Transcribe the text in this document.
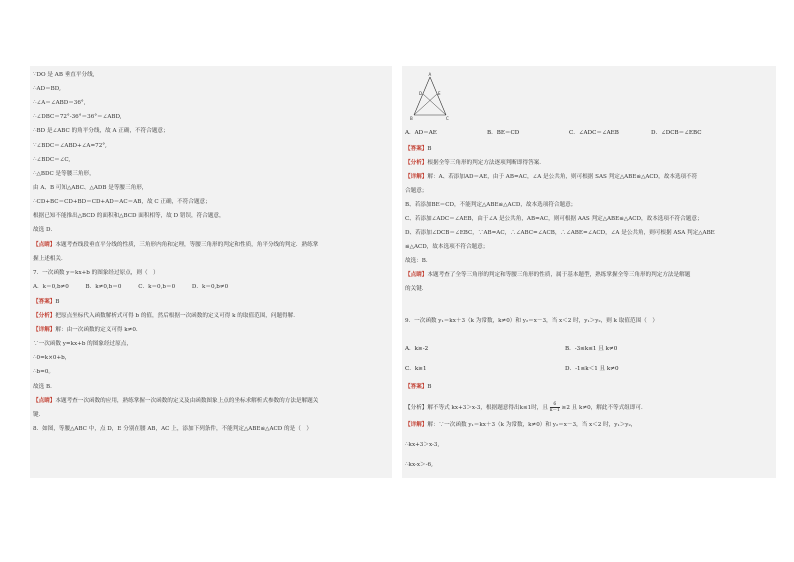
∵DO 是 AB 垂直平分线,
∴AD＝BD,
∴∠A＝∠ABD＝36°,
∴∠DBC＝72°-36°＝36°＝∠ABD,
∴BD 是∠ABC 的角平分线，故 A 正确，不符合题意；
∵∠BDC＝∠ABD+∠A=72°,
∴∠BDC＝∠C,
∴△BDC 是等腰三角形，
由 A、B 可知△ABC、△ADB 是等腰三角形，
∴CD+BC＝CD+BD＝CD+AD＝AC＝AB，故 C 正确，不符合题意；
根据已知不能推出△BCD 的面积和△BCD 面积相等，故 D 错误，符合题意，
故选 D．
【点睛】本题考查线段垂直平分线的性质，三角形内角和定理，等腰三角形的判定和性质，角平分线的判定．熟练掌
握上述相关．
7．一次函数 y＝kx+b 的图象经过原点，则（　）
A．k＝0,b≠0　　　B．k≠0,b＝0　　　C．k＝0,b＝0　　　D．k＝0,b≠0
【答案】B
【分析】把原点坐标代入函数解析式可得 b 的值，然后根据一次函数的定义可得 k 的取值范围，问题得解．
【详解】解：由一次函数的定义可得 k≠0.
∵一次函数 y=kx+b 的图象经过原点，
∴0=k×0+b，
∴b=0。
故选 B．
【点睛】本题考查一次函数的应用，熟练掌握一次函数的定义及由函数图象上点的坐标求解析式参数的方法是解题关
键．
8．如图，等腰△ABC 中，点 D，E 分别在腰 AB，AC 上，添加下列条件，不能判定△ABE≌△ACD 的是（　）
A
D	E
B	C
A．AD＝AE	B．BE＝CD	C．∠ADC＝∠AEB	D．∠DCB＝∠EBC
A．k≥-2	B．-3≤k≤1 且 k≠0
C．k≥1	D．-1≤k＜1 且 k≠0
【答案】B
【分析】解不等式 kx+3＞x-3，根据题意得出k≤1时，且 $\frac{6}{k-1} \ge 2$ 且 k≠0，解此不等式组即可．
【详解】解：∵一次函数 y₁＝kx＋3（k 为常数，k≠0）和 y₂＝x－3，当 x＜2 时，y₁＞y₂，
∴kx+3＞x-3,
∴kx-x＞-6,
【答案】B
【分析】根据全等三角形的判定方法逐项判断即得答案．
【详解】解：A、若添加AD＝AE，由于 AB=AC，∠A 是公共角，则可根据 SAS 判定△ABE≌△ACD，故本选项不符
合题意；
B、若添加BE＝CD，不能判定△ABE≌△ACD，故本选项符合题意；
C、若添加∠ADC＝∠AEB，由于∠A 是公共角，AB=AC，则可根据 AAS 判定△ABE≌△ACD，故本选项不符合题意；
D、若添加∠DCB＝∠EBC，∵AB=AC，∴∠ABC=∠ACB，∴∠ABE=∠ACD，∠A 是公共角，则可根据 ASA 判定△ABE
≌△ACD，故本选项不符合题意；
故选：B．
【点睛】本题考查了全等三角形的判定和等腰三角形的性质，属于基本题型，熟练掌握全等三角形的判定方法是解题
的关键．
9．一次函数 y₁＝kx＋3（k 为常数，k≠0）和 y₂＝x－3，当 x＜2 时，y₁＞y₂，则 k 取值范围（　）
